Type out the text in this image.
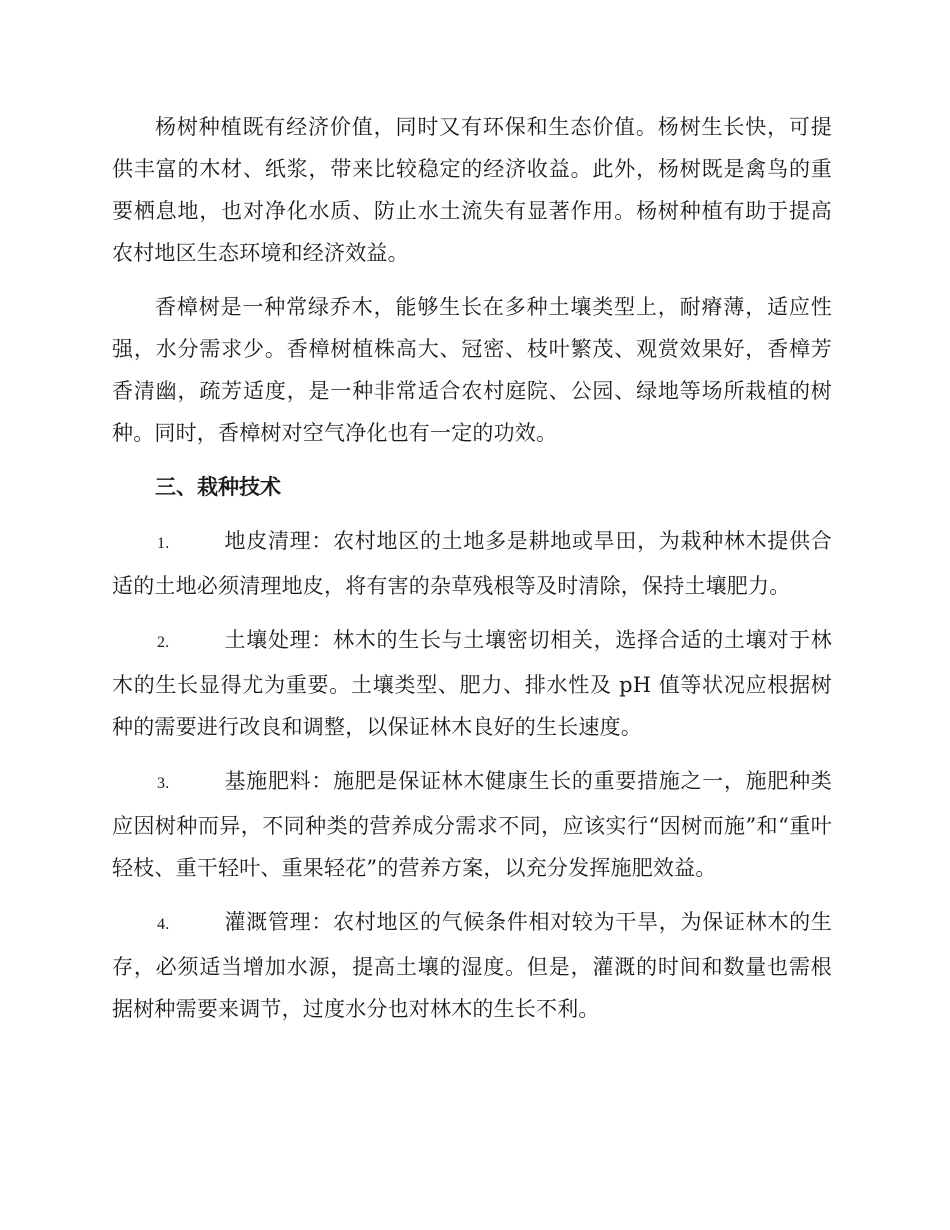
杨树种植既有经济价值，同时又有环保和生态价值。杨树生长快，可提供丰富的木材、纸浆，带来比较稳定的经济收益。此外，杨树既是禽鸟的重要栖息地，也对净化水质、防止水土流失有显著作用。杨树种植有助于提高农村地区生态环境和经济效益。

香樟树是一种常绿乔木，能够生长在多种土壤类型上，耐瘠薄，适应性强，水分需求少。香樟树植株高大、冠密、枝叶繁茂、观赏效果好，香樟芳香清幽，疏芳适度，是一种非常适合农村庭院、公园、绿地等场所栽植的树种。同时，香樟树对空气净化也有一定的功效。

三、栽种技术

1.	地皮清理：农村地区的土地多是耕地或旱田，为栽种林木提供合适的土地必须清理地皮，将有害的杂草残根等及时清除，保持土壤肥力。

2.	土壤处理：林木的生长与土壤密切相关，选择合适的土壤对于林木的生长显得尤为重要。土壤类型、肥力、排水性及 pH 值等状况应根据树种的需要进行改良和调整，以保证林木良好的生长速度。

3.	基施肥料：施肥是保证林木健康生长的重要措施之一，施肥种类应因树种而异，不同种类的营养成分需求不同，应该实行“因树而施”和“重叶轻枝、重干轻叶、重果轻花”的营养方案，以充分发挥施肥效益。

4.	灌溉管理：农村地区的气候条件相对较为干旱，为保证林木的生存，必须适当增加水源，提高土壤的湿度。但是，灌溉的时间和数量也需根据树种需要来调节，过度水分也对林木的生长不利。
